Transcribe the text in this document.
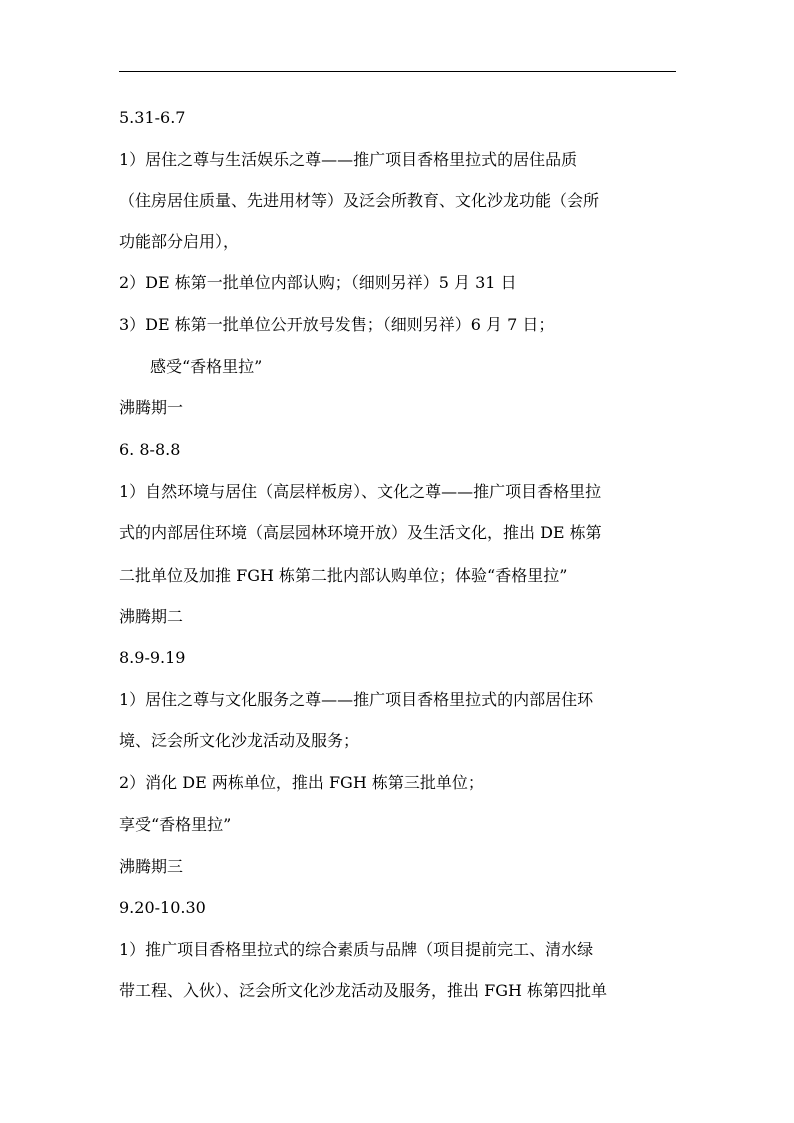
5.31-6.7
1）居住之尊与生活娱乐之尊——推广项目香格里拉式的居住品质
（住房居住质量、先进用材等）及泛会所教育、文化沙龙功能（会所
功能部分启用），
2）DE 栋第一批单位内部认购；（细则另祥）5 月 31 日
3）DE 栋第一批单位公开放号发售；（细则另祥）6 月 7 日；
感受“香格里拉”
沸腾期一
6. 8-8.8
1）自然环境与居住（高层样板房）、文化之尊——推广项目香格里拉
式的内部居住环境（高层园林环境开放）及生活文化，推出 DE 栋第
二批单位及加推 FGH 栋第二批内部认购单位；体验“香格里拉”
沸腾期二
8.9-9.19
1）居住之尊与文化服务之尊——推广项目香格里拉式的内部居住环
境、泛会所文化沙龙活动及服务；
2）消化 DE 两栋单位，推出 FGH 栋第三批单位；
享受“香格里拉”
沸腾期三
9.20-10.30
1）推广项目香格里拉式的综合素质与品牌（项目提前完工、清水绿
带工程、入伙）、泛会所文化沙龙活动及服务，推出 FGH 栋第四批单
